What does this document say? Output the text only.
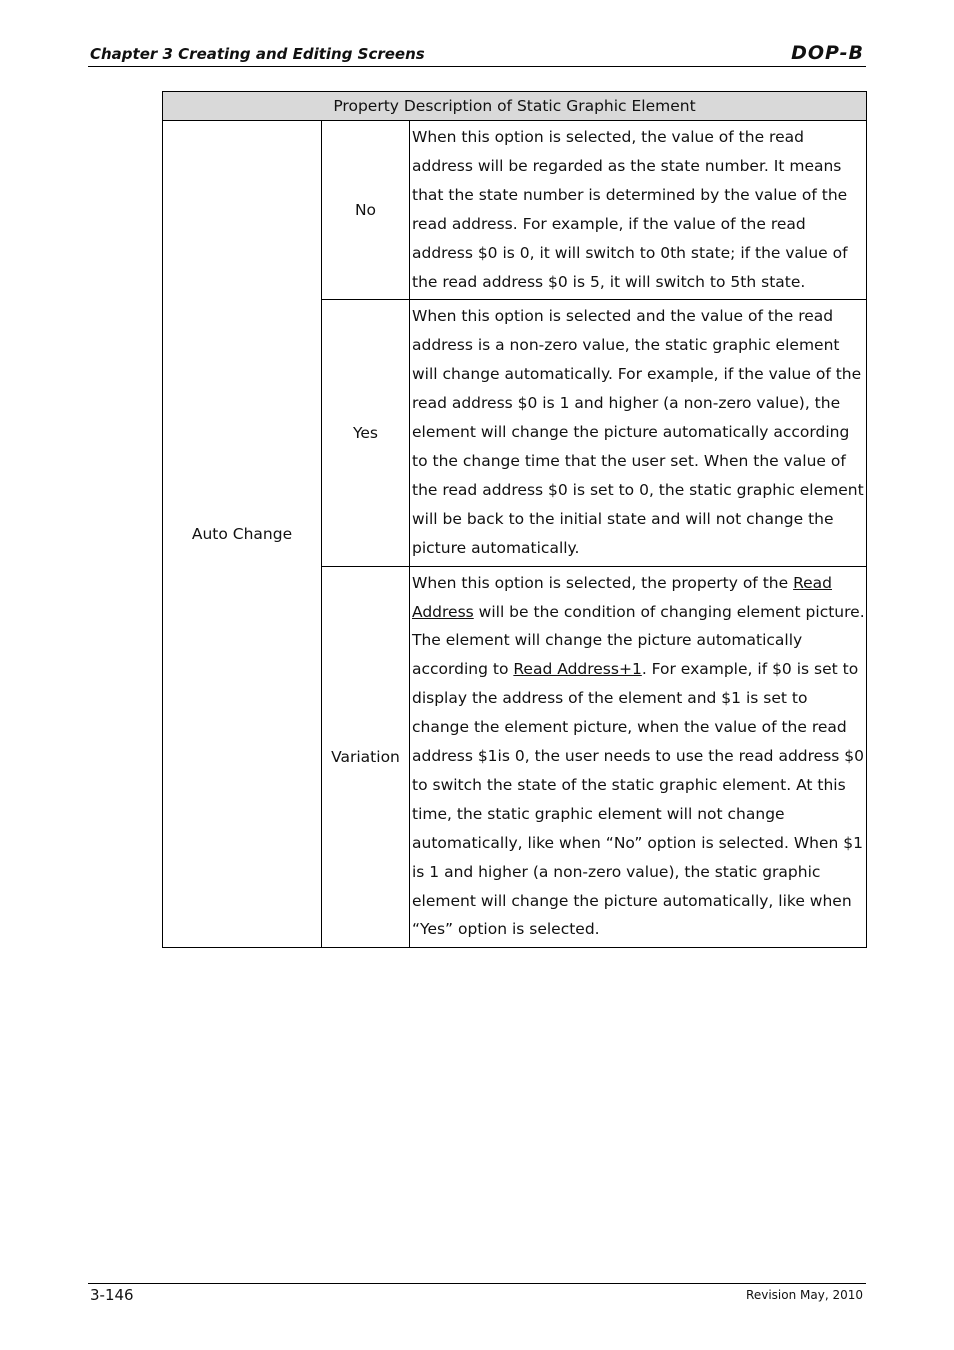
Chapter 3 Creating and Editing Screens	DOP-B
Property Description of Static Graphic Element		
Auto Change	No	When this option is selected, the value of the read address will be regarded as the state number. It means that the state number is determined by the value of the read address. For example, if the value of the read address $0 is 0, it will switch to 0th state; if the value of the read address $0 is 5, it will switch to 5th state.
	Yes	When this option is selected and the value of the read address is a non-zero value, the static graphic element will change automatically. For example, if the value of the read address $0 is 1 and higher (a non-zero value), the element will change the picture automatically according to the change time that the user set. When the value of the read address $0 is set to 0, the static graphic element will be back to the initial state and will not change the picture automatically.
	Variation	When this option is selected, the property of the Read Address will be the condition of changing element picture. The element will change the picture automatically according to Read Address+1. For example, if $0 is set to display the address of the element and $1 is set to change the element picture, when the value of the read address $1is 0, the user needs to use the read address $0 to switch the state of the static graphic element. At this time, the static graphic element will not change automatically, like when “No” option is selected. When $1 is 1 and higher (a non-zero value), the static graphic element will change the picture automatically, like when “Yes” option is selected.
3-146	Revision May, 2010
